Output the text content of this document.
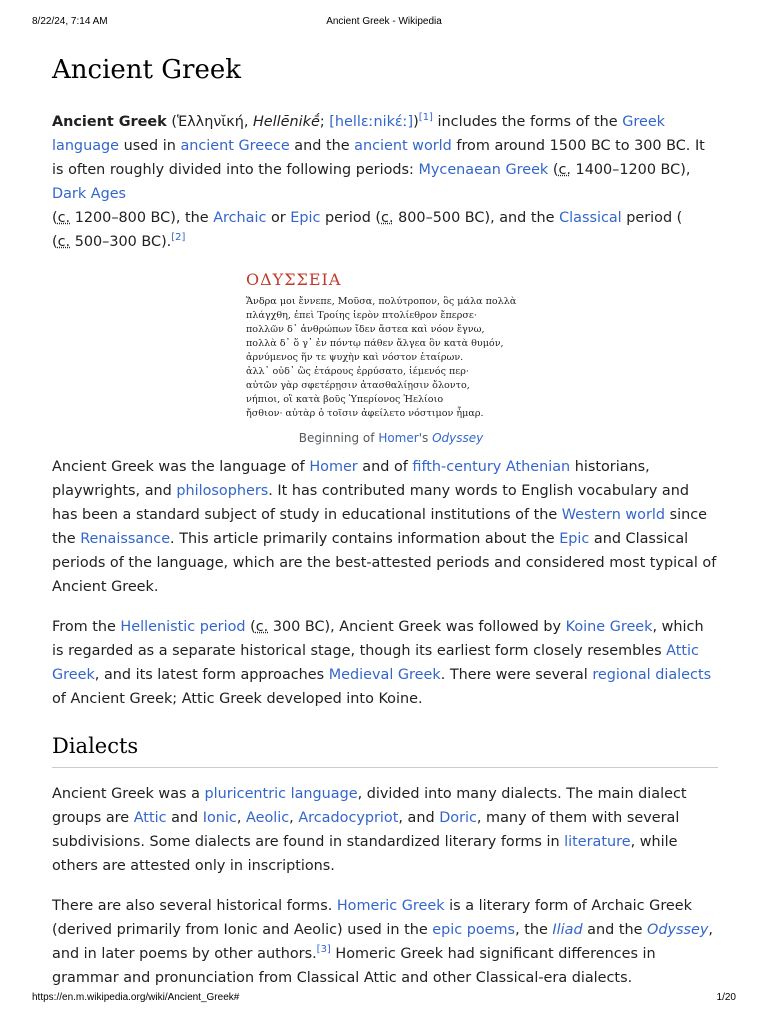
8/22/24, 7:14 AM	Ancient Greek - Wikipedia
Ancient Greek

Ancient Greek (Ἑλληνῐκή, Hellēnikḗ; [hellɛːnikɛ́ː])[1] includes the forms of the Greek language used in ancient Greece and the ancient world from around 1500 BC to 300 BC. It is often roughly divided into the following periods: Mycenaean Greek (c. 1400–1200 BC), Dark Ages
(c. 1200–800 BC), the Archaic or Epic period (c. 800–500 BC), and the Classical period (
(c. 500–300 BC).[2]

ΟΔΥΣΣΕΙΑ
Ἄνδρα μοι ἔννεπε, Μοῦσα, πολύτροπον, ὃς μάλα πολλὰ
πλάγχθη, ἐπεὶ Τροίης ἱερὸν πτολίεθρον ἔπερσε·
πολλῶν δ᾽ ἀνθρώπων ἴδεν ἄστεα καὶ νόον ἔγνω,
πολλὰ δ᾽ ὅ γ᾽ ἐν πόντῳ πάθεν ἄλγεα ὃν κατὰ θυμόν,
ἀρνύμενος ἥν τε ψυχὴν καὶ νόστον ἑταίρων.
ἀλλ᾽ οὐδ᾽ ὣς ἑτάρους ἐρρύσατο, ἱέμενός περ·
αὐτῶν γὰρ σφετέρῃσιν ἀτασθαλίῃσιν ὄλοντο,
νήπιοι, οἳ κατὰ βοῦς Ὑπερίονος Ἠελίοιο
ἤσθιον· αὐτὰρ ὁ τοῖσιν ἀφείλετο νόστιμον ἦμαρ.
Beginning of Homer's Odyssey

Ancient Greek was the language of Homer and of fifth-century Athenian historians, playwrights, and philosophers. It has contributed many words to English vocabulary and has been a standard subject of study in educational institutions of the Western world since the Renaissance. This article primarily contains information about the Epic and Classical periods of the language, which are the best-attested periods and considered most typical of Ancient Greek.

From the Hellenistic period (c. 300 BC), Ancient Greek was followed by Koine Greek, which is regarded as a separate historical stage, though its earliest form closely resembles Attic Greek, and its latest form approaches Medieval Greek. There were several regional dialects of Ancient Greek; Attic Greek developed into Koine.

Dialects

Ancient Greek was a pluricentric language, divided into many dialects. The main dialect groups are Attic and Ionic, Aeolic, Arcadocypriot, and Doric, many of them with several subdivisions. Some dialects are found in standardized literary forms in literature, while others are attested only in inscriptions.

There are also several historical forms. Homeric Greek is a literary form of Archaic Greek (derived primarily from Ionic and Aeolic) used in the epic poems, the Iliad and the Odyssey, and in later poems by other authors.[3] Homeric Greek had significant differences in grammar and pronunciation from Classical Attic and other Classical-era dialects.

https://en.m.wikipedia.org/wiki/Ancient_Greek#	1/20
